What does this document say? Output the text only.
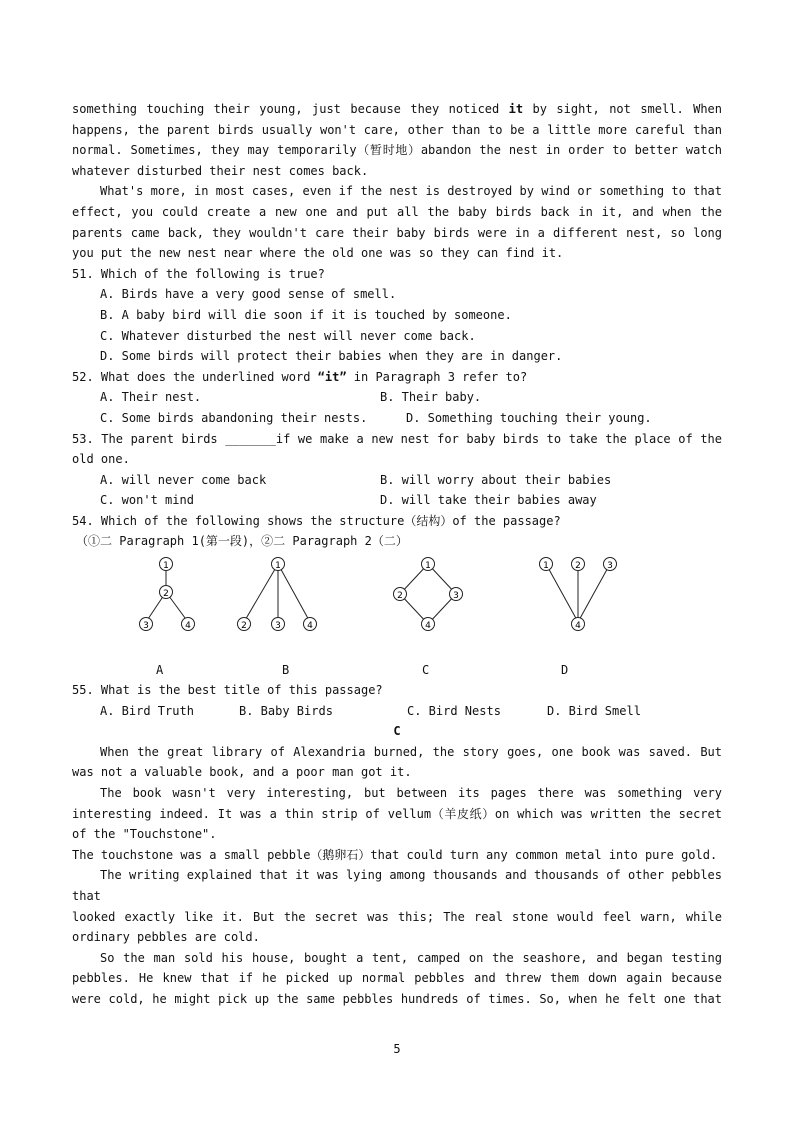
something touching their young, just because they noticed it by sight, not smell. When
happens, the parent birds usually won't care, other than to be a little more careful than
normal. Sometimes, they may temporarily（暂时地）abandon the nest in order to better watch
whatever disturbed their nest comes back.
What's more, in most cases, even if the nest is destroyed by wind or something to that
effect, you could create a new one and put all the baby birds back in it, and when the
parents came back, they wouldn't care their baby birds were in a different nest, so long
you put the new nest near where the old one was so they can find it.
51. Which of the following is true?
A. Birds have a very good sense of smell.
B. A baby bird will die soon if it is touched by someone.
C. Whatever disturbed the nest will never come back.
D. Some birds will protect their babies when they are in danger.
52. What does the underlined word “it” in Paragraph 3 refer to?
A. Their nest.	B. Their baby.
C. Some birds abandoning their nests.	D. Something touching their young.
53. The parent birds _______if we make a new nest for baby birds to take the place of the
old one.
A. will never come back	B. will worry about their babies
C. won't mind	D. will take their babies away
54. Which of the following shows the structure（结构）of the passage?
（①二 Paragraph 1(第一段)，②二 Paragraph 2（二）
1
2
3	4
1
2	3	4
1
2	3
4
1	2	3
4
A	B	C	D
55. What is the best title of this passage?
A. Bird Truth	B. Baby Birds	C. Bird Nests	D. Bird Smell
C
When the great library of Alexandria burned, the story goes, one book was saved. But
was not a valuable book, and a poor man got it.
The book wasn't very interesting, but between its pages there was something very
interesting indeed. It was a thin strip of vellum（羊皮纸）on which was written the secret
of the "Touchstone".
The touchstone was a small pebble（鹅卵石）that could turn any common metal into pure gold.
The writing explained that it was lying among thousands and thousands of other pebbles
that
looked exactly like it. But the secret was this; The real stone would feel warn, while
ordinary pebbles are cold.
So the man sold his house, bought a tent, camped on the seashore, and began testing
pebbles. He knew that if he picked up normal pebbles and threw them down again because
were cold, he might pick up the same pebbles hundreds of times. So, when he felt one that
5
